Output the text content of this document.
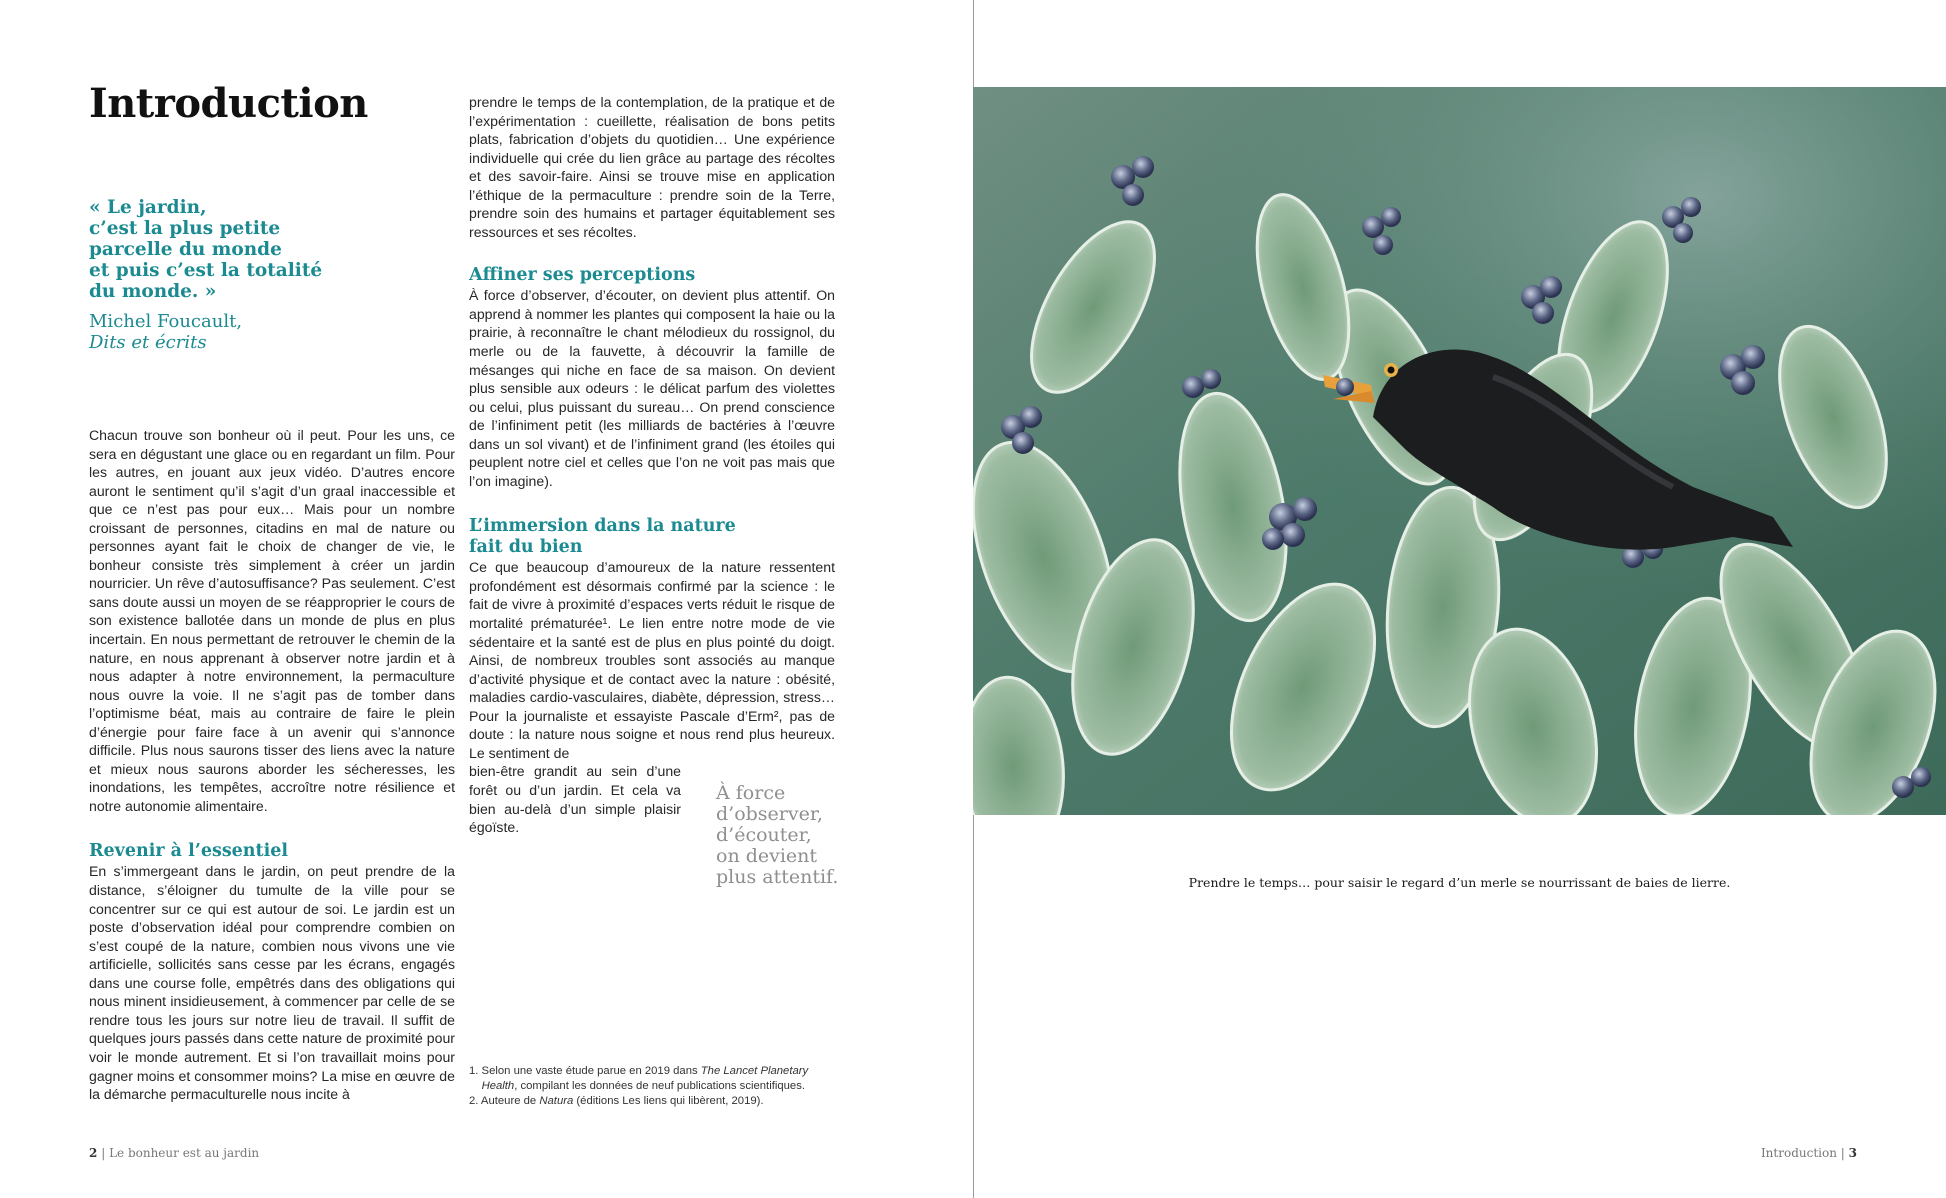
Introduction
« Le jardin,
c’est la plus petite
parcelle du monde
et puis c’est la totalité
du monde. »
Michel Foucault,
Dits et écrits

Chacun trouve son bonheur où il peut. Pour les uns, ce sera en dégustant une glace ou en regardant un film. Pour les autres, en jouant aux jeux vidéo. D’autres encore auront le sentiment qu’il s’agit d’un graal inaccessible et que ce n’est pas pour eux… Mais pour un nombre croissant de personnes, citadins en mal de nature ou personnes ayant fait le choix de changer de vie, le bonheur consiste très simplement à créer un jardin nourricier. Un rêve d’autosuffisance? Pas seulement. C’est sans doute aussi un moyen de se réapproprier le cours de son existence ballotée dans un monde de plus en plus incertain. En nous permettant de retrouver le chemin de la nature, en nous apprenant à observer notre jardin et à nous adapter à notre environnement, la permaculture nous ouvre la voie. Il ne s’agit pas de tomber dans l’optimisme béat, mais au contraire de faire le plein d’énergie pour faire face à un avenir qui s’annonce difficile. Plus nous saurons tisser des liens avec la nature et mieux nous saurons aborder les sécheresses, les inondations, les tempêtes, accroître notre résilience et notre autonomie alimentaire.

Revenir à l’essentiel

En s’immergeant dans le jardin, on peut prendre de la distance, s’éloigner du tumulte de la ville pour se concentrer sur ce qui est autour de soi. Le jardin est un poste d’observation idéal pour comprendre combien on s’est coupé de la nature, combien nous vivons une vie artificielle, sollicités sans cesse par les écrans, engagés dans une course folle, empêtrés dans des obligations qui nous minent insidieusement, à commencer par celle de se rendre tous les jours sur notre lieu de travail. Il suffit de quelques jours passés dans cette nature de proximité pour voir le monde autrement. Et si l’on travaillait moins pour gagner moins et consommer moins? La mise en œuvre de la démarche permaculturelle nous incite à

prendre le temps de la contemplation, de la pratique et de l’expérimentation : cueillette, réalisation de bons petits plats, fabrication d’objets du quotidien… Une expérience individuelle qui crée du lien grâce au partage des récoltes et des savoir-faire. Ainsi se trouve mise en application l’éthique de la permaculture : prendre soin de la Terre, prendre soin des humains et partager équitablement ses ressources et ses récoltes.

Affiner ses perceptions

À force d’observer, d’écouter, on devient plus attentif. On apprend à nommer les plantes qui composent la haie ou la prairie, à reconnaître le chant mélodieux du rossignol, du merle ou de la fauvette, à découvrir la famille de mésanges qui niche en face de sa maison. On devient plus sensible aux odeurs : le délicat parfum des violettes ou celui, plus puissant du sureau… On prend conscience de l’infiniment petit (les milliards de bactéries à l’œuvre dans un sol vivant) et de l’infiniment grand (les étoiles qui peuplent notre ciel et celles que l’on ne voit pas mais que l’on imagine).

L’immersion dans la nature
fait du bien

Ce que beaucoup d’amoureux de la nature ressentent profondément est désormais confirmé par la science : le fait de vivre à proximité d’espaces verts réduit le risque de mortalité prématurée¹. Le lien entre notre mode de vie sédentaire et la santé est de plus en plus pointé du doigt. Ainsi, de nombreux troubles sont associés au manque d’activité physique et de contact avec la nature : obésité, maladies cardio-vasculaires, diabète, dépression, stress… Pour la journaliste et essayiste Pascale d’Erm², pas de doute : la nature nous soigne et nous rend plus heureux. Le sentiment de

bien-être grandit au sein d’une forêt ou d’un jardin. Et cela va bien au-delà d’un simple plaisir égoïste.

À force
d’observer,
d’écouter,
on devient
plus attentif.
1. Selon une vaste étude parue en 2019 dans The Lancet Planetary
Health, compilant les données de neuf publications scientifiques.
2. Auteure de Natura (éditions Les liens qui libèrent, 2019).
2 | Le bonheur est au jardin
Prendre le temps… pour saisir le regard d’un merle se nourrissant de baies de lierre.
Introduction | 3
